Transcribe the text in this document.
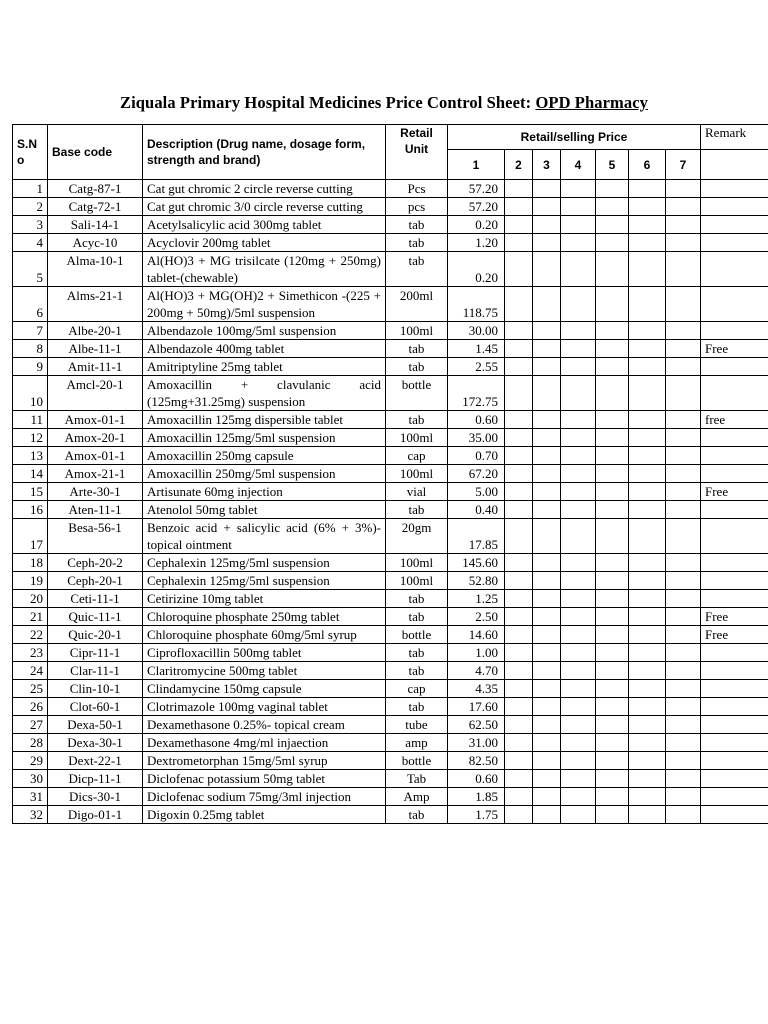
Ziquala Primary Hospital Medicines Price Control Sheet: OPD Pharmacy
S.N o	Base code	Description (Drug name, dosage form, strength and brand)	Retail Unit	Retail/selling Price							Remark
				1	2	3	4	5	6	7	
1	Catg-87-1	Cat gut chromic 2 circle reverse cutting	Pcs	57.20							
2	Catg-72-1	Cat gut chromic 3/0 circle reverse cutting	pcs	57.20							
3	Sali-14-1	Acetylsalicylic acid 300mg tablet	tab	0.20							
4	Acyc-10	Acyclovir 200mg tablet	tab	1.20							
5	Alma-10-1	Al(HO)3 + MG trisilcate (120mg + 250mg) tablet-(chewable)	tab	0.20							
6	Alms-21-1	Al(HO)3 + MG(OH)2 + Simethicon -(225 + 200mg + 50mg)/5ml suspension	200ml	118.75							
7	Albe-20-1	Albendazole 100mg/5ml suspension	100ml	30.00							
8	Albe-11-1	Albendazole 400mg tablet	tab	1.45							Free
9	Amit-11-1	Amitriptyline 25mg tablet	tab	2.55							
10	Amcl-20-1	Amoxacillin + clavulanic acid (125mg+31.25mg) suspension	bottle	172.75							
11	Amox-01-1	Amoxacillin 125mg dispersible tablet	tab	0.60							free
12	Amox-20-1	Amoxacillin 125mg/5ml suspension	100ml	35.00							
13	Amox-01-1	Amoxacillin 250mg capsule	cap	0.70							
14	Amox-21-1	Amoxacillin 250mg/5ml suspension	100ml	67.20							
15	Arte-30-1	Artisunate 60mg injection	vial	5.00							Free
16	Aten-11-1	Atenolol 50mg tablet	tab	0.40							
17	Besa-56-1	Benzoic acid + salicylic acid (6% + 3%)-topical ointment	20gm	17.85							
18	Ceph-20-2	Cephalexin 125mg/5ml suspension	100ml	145.60							
19	Ceph-20-1	Cephalexin 125mg/5ml suspension	100ml	52.80							
20	Ceti-11-1	Cetirizine 10mg tablet	tab	1.25							
21	Quic-11-1	Chloroquine phosphate 250mg tablet	tab	2.50							Free
22	Quic-20-1	Chloroquine phosphate 60mg/5ml syrup	bottle	14.60							Free
23	Cipr-11-1	Ciprofloxacillin 500mg tablet	tab	1.00							
24	Clar-11-1	Claritromycine 500mg tablet	tab	4.70							
25	Clin-10-1	Clindamycine 150mg capsule	cap	4.35							
26	Clot-60-1	Clotrimazole 100mg vaginal tablet	tab	17.60							
27	Dexa-50-1	Dexamethasone 0.25%- topical cream	tube	62.50							
28	Dexa-30-1	Dexamethasone 4mg/ml injaection	amp	31.00							
29	Dext-22-1	Dextrometorphan 15mg/5ml syrup	bottle	82.50							
30	Dicp-11-1	Diclofenac potassium 50mg tablet	Tab	0.60							
31	Dics-30-1	Diclofenac sodium 75mg/3ml injection	Amp	1.85							
32	Digo-01-1	Digoxin 0.25mg tablet	tab	1.75							
